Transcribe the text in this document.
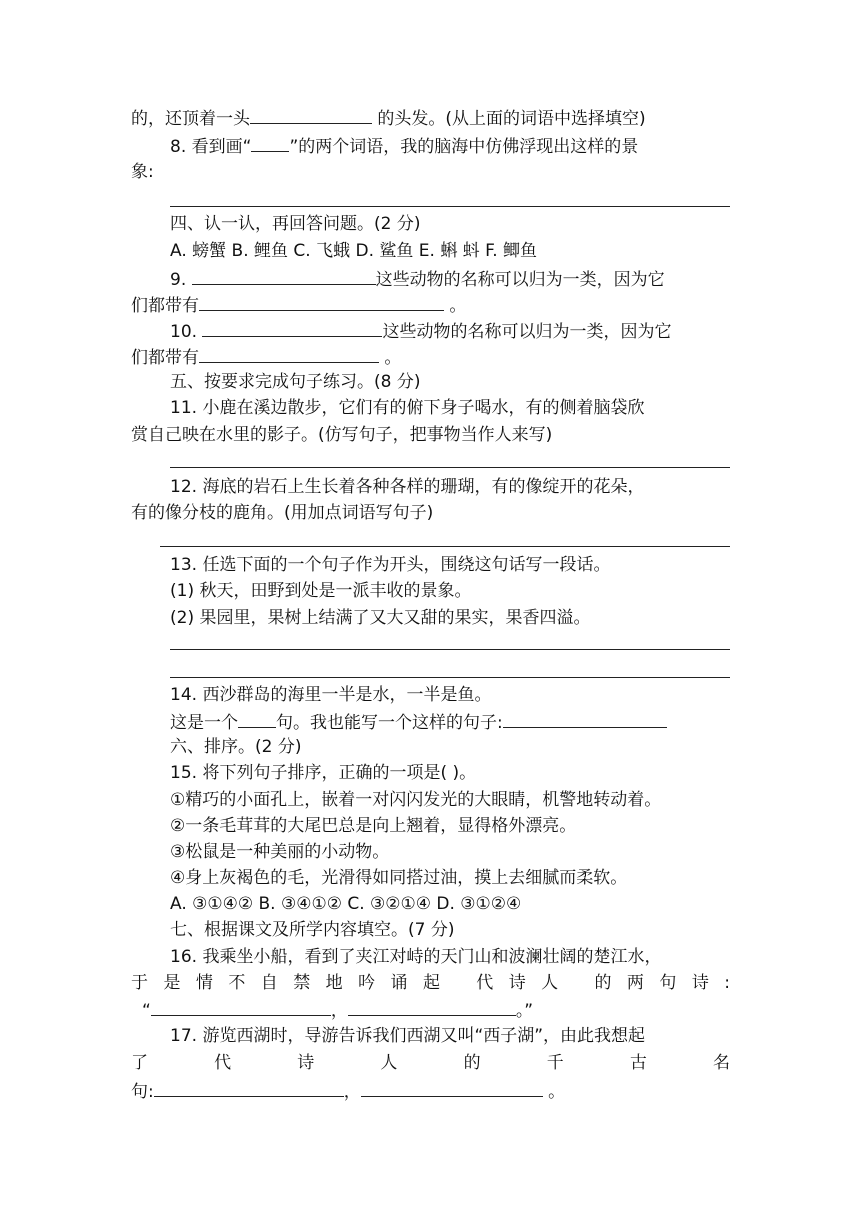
的，还顶着一头	的头发。(从上面的词语中选择填空)
8. 看到画“ ”的两个词语，我的脑海中仿佛浮现出这样的景
象:
四、认一认，再回答问题。(2 分)
A. 螃蟹 B. 鲤鱼 C. 飞蛾 D. 鲨鱼 E. 蝌 蚪 F. 鲫鱼
9.	这些动物的名称可以归为一类，因为它
们都带有	。
10.	这些动物的名称可以归为一类，因为它
们都带有	。
五、按要求完成句子练习。(8 分)
11. 小鹿在溪边散步，它们有的俯下身子喝水，有的侧着脑袋欣
赏自己映在水里的影子。(仿写句子，把事物当作人来写)
12. 海底的岩石上生长着各种各样的珊瑚，有的像绽开的花朵，
有的像分枝的鹿角。(用加点词语写句子)
13. 任选下面的一个句子作为开头，围绕这句话写一段话。
(1) 秋天，田野到处是一派丰收的景象。
(2) 果园里，果树上结满了又大又甜的果实，果香四溢。
14. 西沙群岛的海里一半是水，一半是鱼。
这是一个 句。我也能写一个这样的句子:
六、排序。(2 分)
15. 将下列句子排序，正确的一项是( )。
①精巧的小面孔上，嵌着一对闪闪发光的大眼睛，机警地转动着。
②一条毛茸茸的大尾巴总是向上翘着，显得格外漂亮。
③松鼠是一种美丽的小动物。
④身上灰褐色的毛，光滑得如同搭过油，摸上去细腻而柔软。
A. ③①④② B. ③④①② C. ③②①④ D. ③①②④
七、根据课文及所学内容填空。(7 分)
16. 我乘坐小船，看到了夹江对峙的天门山和波澜壮阔的楚江水，
于是情不自禁地吟诵起 代诗人 的两句诗:
“	，	。”
17. 游览西湖时，导游告诉我们西湖又叫“西子湖”，由此我想起
了 代 诗 人 的 千 古 名
句:	，	。
